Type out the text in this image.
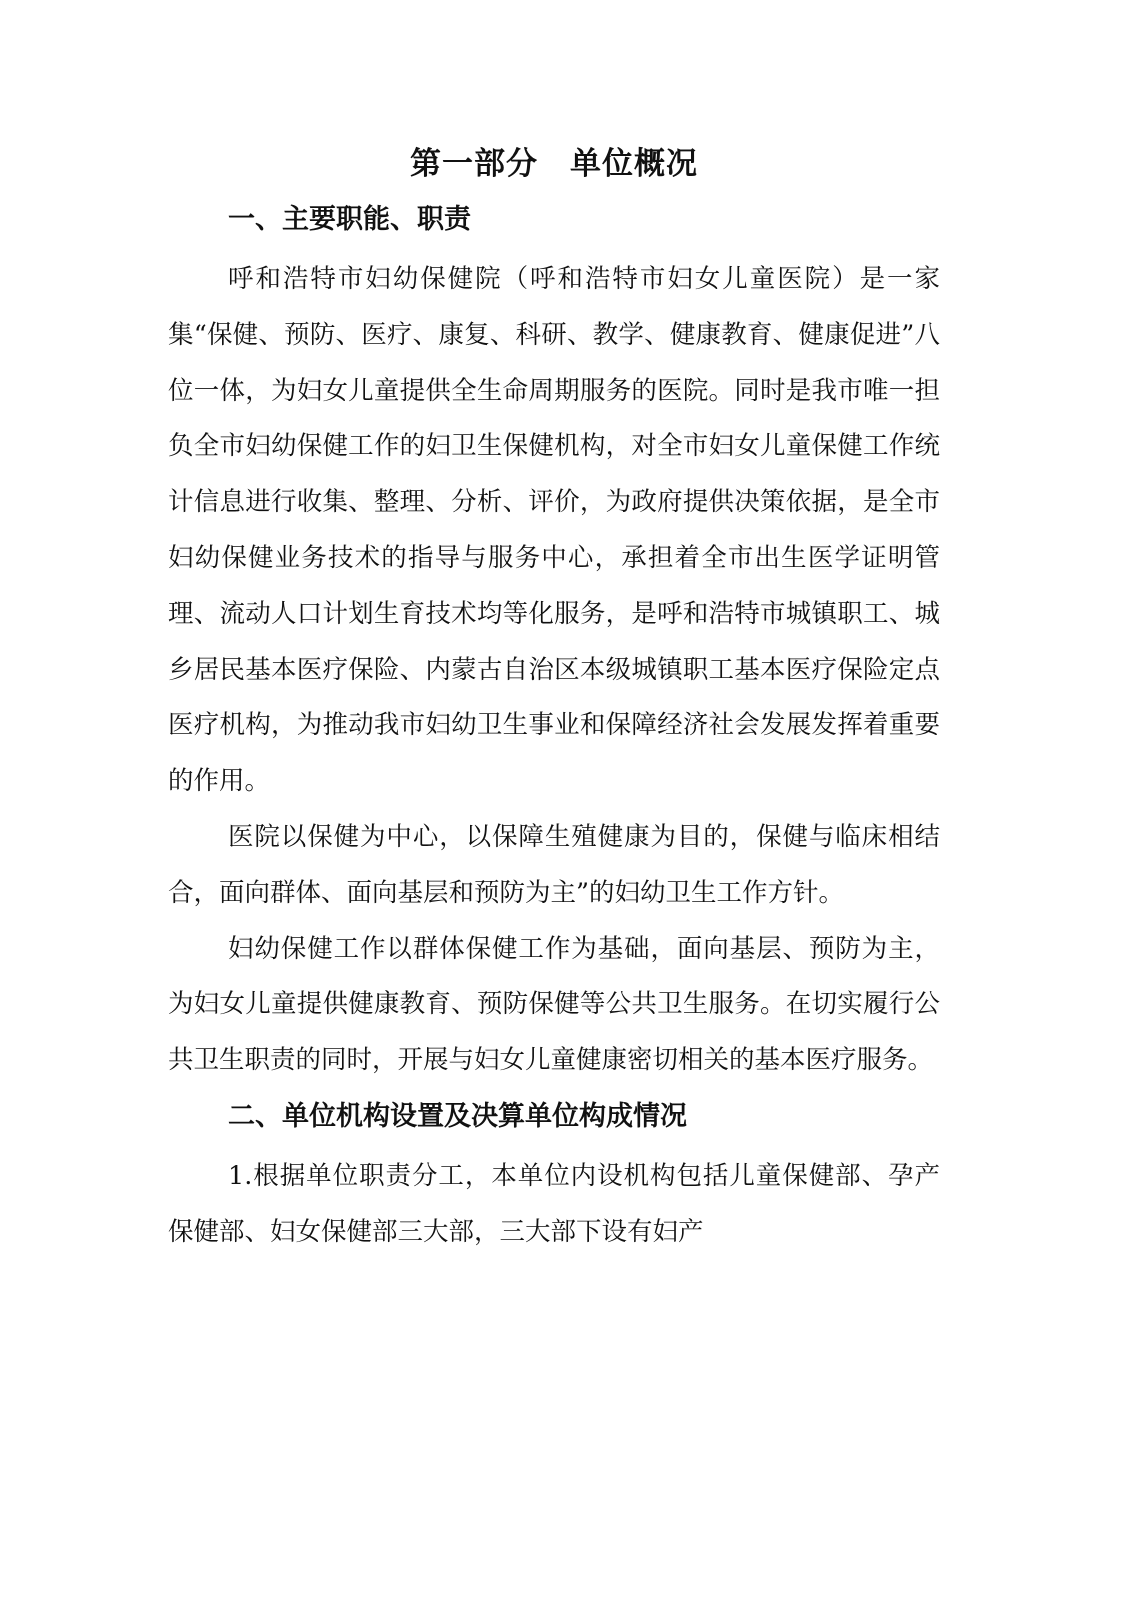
第一部分　单位概况
一、主要职能、职责

呼和浩特市妇幼保健院（呼和浩特市妇女儿童医院）是一家集“保健、预防、医疗、康复、科研、教学、健康教育、健康促进”八位一体，为妇女儿童提供全生命周期服务的医院。同时是我市唯一担负全市妇幼保健工作的妇卫生保健机构，对全市妇女儿童保健工作统计信息进行收集、整理、分析、评价，为政府提供决策依据，是全市妇幼保健业务技术的指导与服务中心，承担着全市出生医学证明管理、流动人口计划生育技术均等化服务，是呼和浩特市城镇职工、城乡居民基本医疗保险、内蒙古自治区本级城镇职工基本医疗保险定点医疗机构，为推动我市妇幼卫生事业和保障经济社会发展发挥着重要的作用。

医院以保健为中心，以保障生殖健康为目的，保健与临床相结合，面向群体、面向基层和预防为主”的妇幼卫生工作方针。

妇幼保健工作以群体保健工作为基础，面向基层、预防为主，为妇女儿童提供健康教育、预防保健等公共卫生服务。在切实履行公共卫生职责的同时，开展与妇女儿童健康密切相关的基本医疗服务。

二、单位机构设置及决算单位构成情况

1.根据单位职责分工，本单位内设机构包括儿童保健部、孕产保健部、妇女保健部三大部，三大部下设有妇产
